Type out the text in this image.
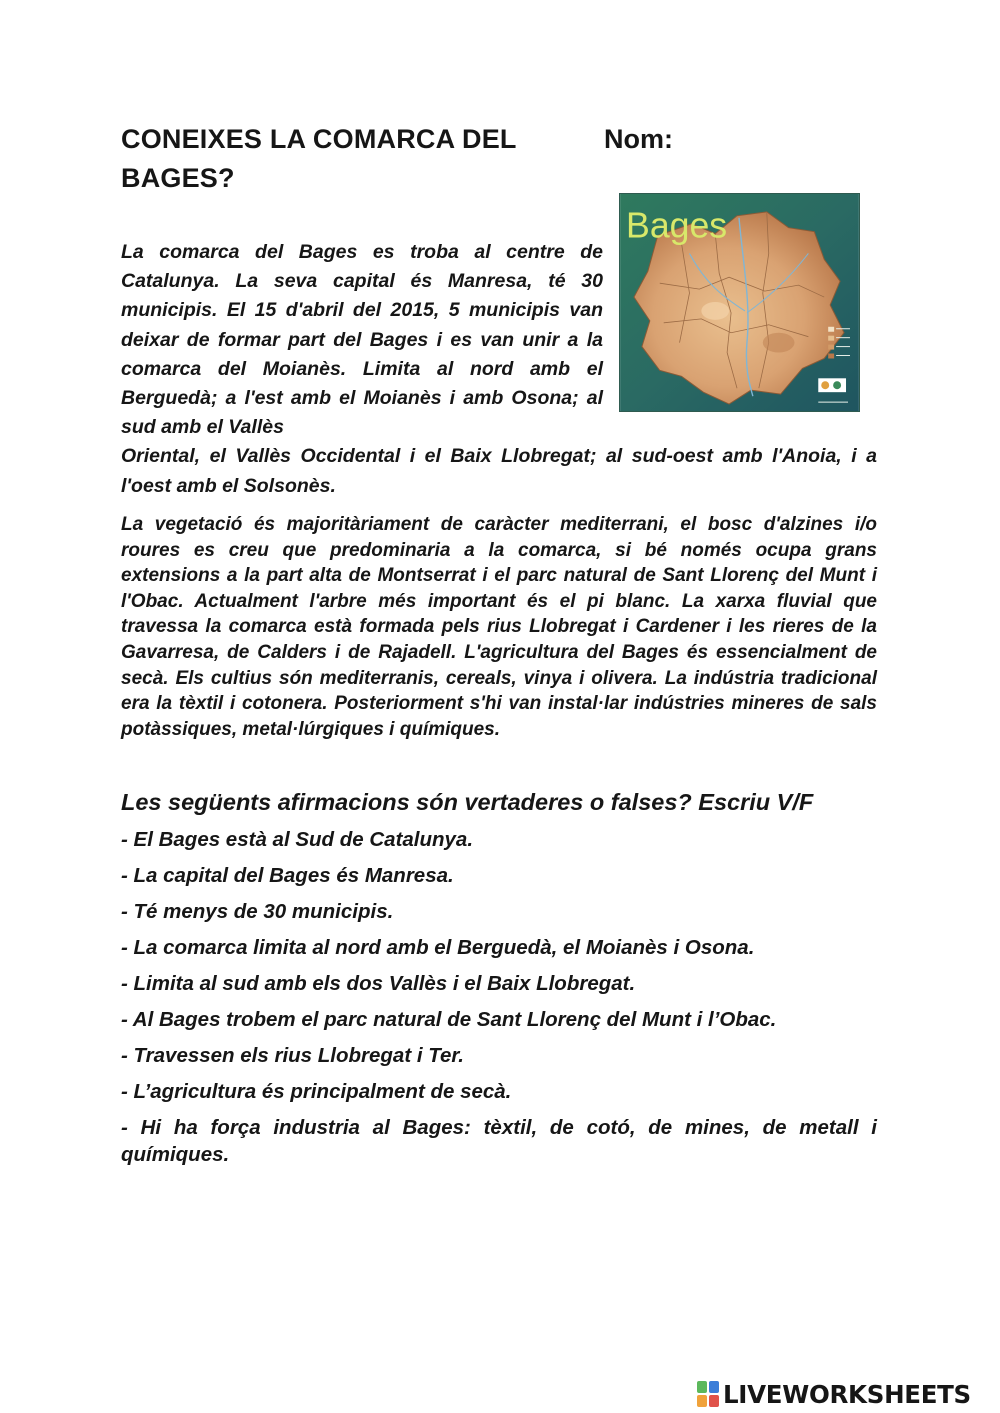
CONEIXES LA COMARCA DEL BAGES?
Nom:
Bages
La comarca del Bages es troba al centre de Catalunya. La seva capital és Manresa, té 30 municipis. El 15 d'abril del 2015, 5 municipis van deixar de formar part del Bages i es van unir a la comarca del Moianès. Limita al nord amb el Berguedà; a l'est amb el Moianès i amb Osona; al sud amb el Vallès
Oriental, el Vallès Occidental i el Baix Llobregat; al sud-oest amb l'Anoia, i a l'oest amb el Solsonès.

La vegetació és majoritàriament de caràcter mediterrani, el bosc d'alzines i/o roures es creu que predominaria a la comarca, si bé només ocupa grans extensions a la part alta de Montserrat i el parc natural de Sant Llorenç del Munt i l'Obac. Actualment l'arbre més important és el pi blanc. La xarxa fluvial que travessa la comarca està formada pels rius Llobregat i Cardener i les rieres de la Gavarresa, de Calders i de Rajadell. L'agricultura del Bages és essencialment de secà. Els cultius són mediterranis, cereals, vinya i olivera. La indústria tradicional era la tèxtil i cotonera. Posteriorment s'hi van instal·lar indústries mineres de sals potàssiques, metal·lúrgiques i químiques.

Les següents afirmacions són vertaderes o falses? Escriu V/F

- El Bages està al Sud de Catalunya.
- La capital del Bages és Manresa.
- Té menys de 30 municipis.
- La comarca limita al nord amb el Berguedà, el Moianès i Osona.
- Limita al sud amb els dos Vallès i el Baix Llobregat.
- Al Bages trobem el parc natural de Sant Llorenç del Munt i l’Obac.
- Travessen els rius Llobregat i Ter.
- L’agricultura és principalment de secà.
- Hi ha força industria al Bages: tèxtil, de cotó, de mines, de metall i químiques.
LIVEWORKSHEETS
